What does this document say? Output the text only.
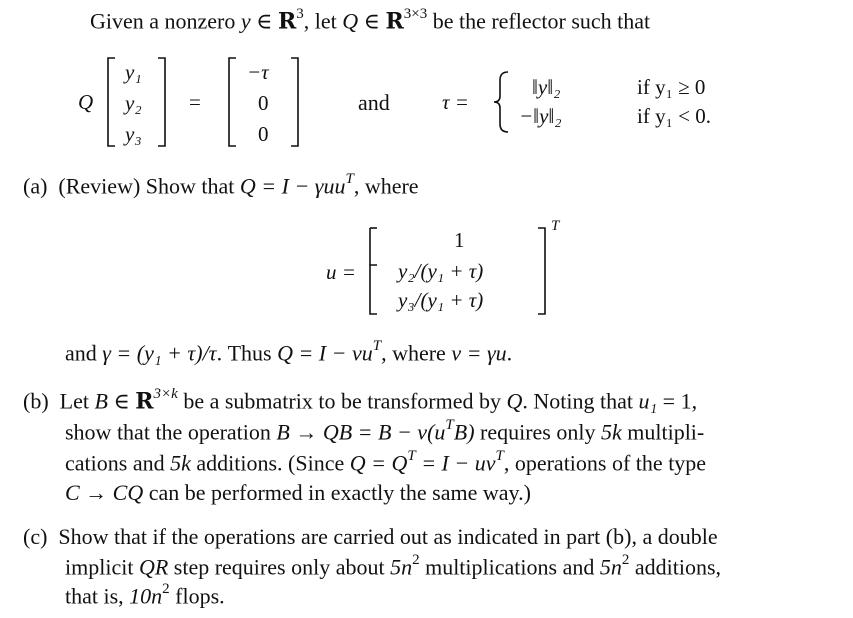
Given a nonzero y ∈ $R^3$, let Q ∈ $R^{3\times 3}$ be the reflector such that
Q
y₁
y₂
y₃
=
−τ
0
0
and τ =
‖y‖₂
−‖y‖₂
if y₁ ≥ 0
if y₁ < 0.
(a) (Review) Show that Q = I − γuu$^T$, where
u =
1
y₂/(y₁ + τ)
y₃/(y₁ + τ)
T
and γ = (y₁ + τ)/τ. Thus $Q = I - vu^T$, where v = γu.
(b) Let B ∈ $R^{3\times k}$ be a submatrix to be transformed by Q. Noting that u₁ = 1,
show that the operation B → QB = $B - v(u^TB)$ requires only 5k multipli-
cations and 5k additions. (Since $Q = Q^T = I - uv^T$, operations of the type
C → CQ can be performed in exactly the same way.)
(c) Show that if the operations are carried out as indicated in part (b), a double
implicit QR step requires only about $5n^2$ multiplications and $5n^2$ additions,
that is, $10n^2$ flops.
